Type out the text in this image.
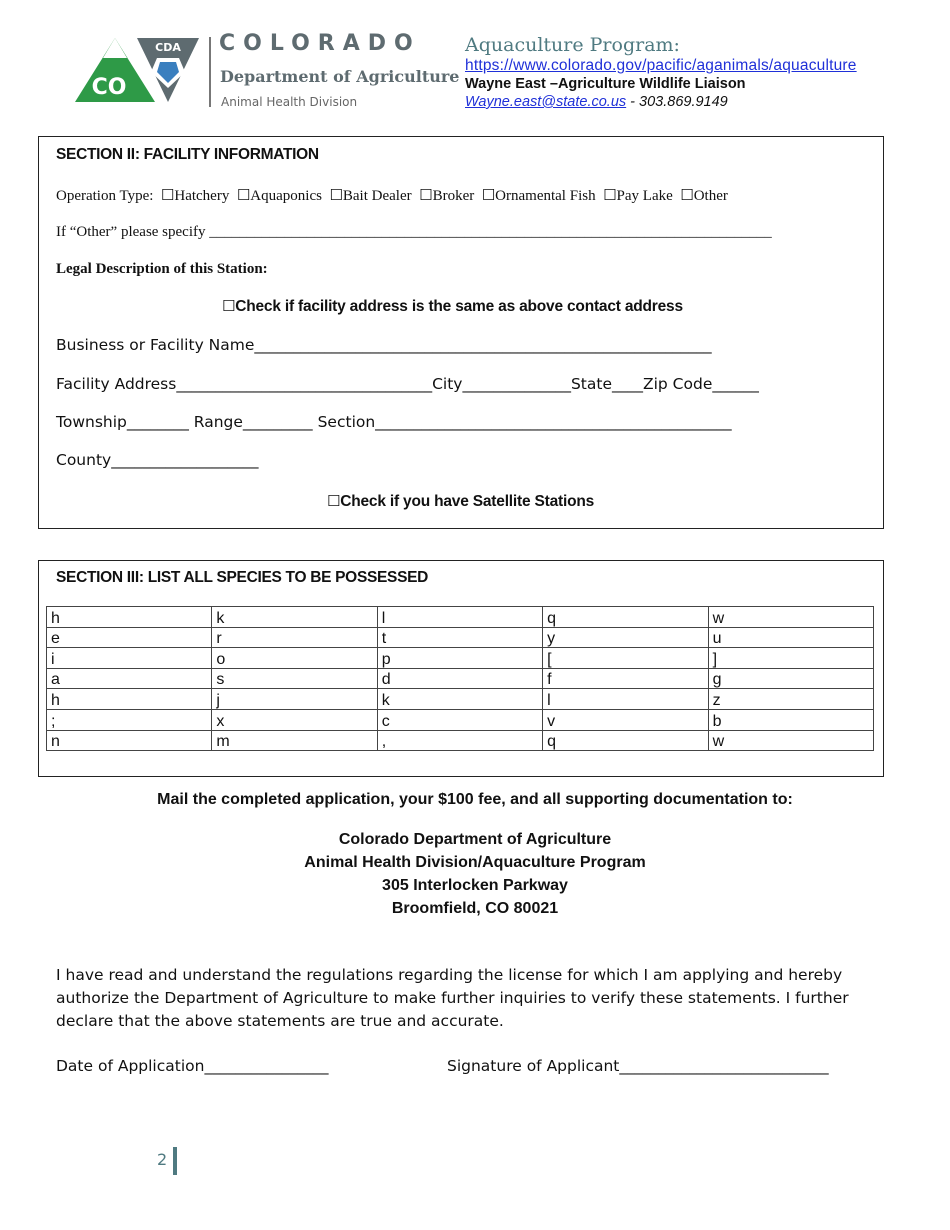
CDA
CO
COLORADO
Department of Agriculture
Animal Health Division
Aquaculture Program:
https://www.colorado.gov/pacific/aganimals/aquaculture
Wayne East –Agriculture Wildlife Liaison
Wayne.east@state.co.us - 303.869.9149
SECTION II: FACILITY INFORMATION
Operation Type: ☐Hatchery ☐Aquaponics ☐Bait Dealer ☐Broker ☐Ornamental Fish ☐Pay Lake ☐Other
If “Other” please specify ___________________________________________________________________________
Legal Description of this Station:
☐Check if facility address is the same as above contact address
Business or Facility Name___________________________________________________________
Facility Address_________________________________City______________State____Zip Code______
Township________ Range_________ Section______________________________________________
County___________________
☐Check if you have Satellite Stations
SECTION III: LIST ALL SPECIES TO BE POSSESSED
h	k	l	q	w
e	r	t	y	u
i	o	p	[	]
a	s	d	f	g
h	j	k	l	z
;	x	c	v	b
n	m	,	q	w
Mail the completed application, your $100 fee, and all supporting documentation to:
Colorado Department of Agriculture
Animal Health Division/Aquaculture Program
305 Interlocken Parkway
Broomfield, CO 80021
I have read and understand the regulations regarding the license for which I am applying and hereby authorize the Department of Agriculture to make further inquiries to verify these statements. I further declare that the above statements are true and accurate.
Date of Application________________	Signature of Applicant___________________________
2
